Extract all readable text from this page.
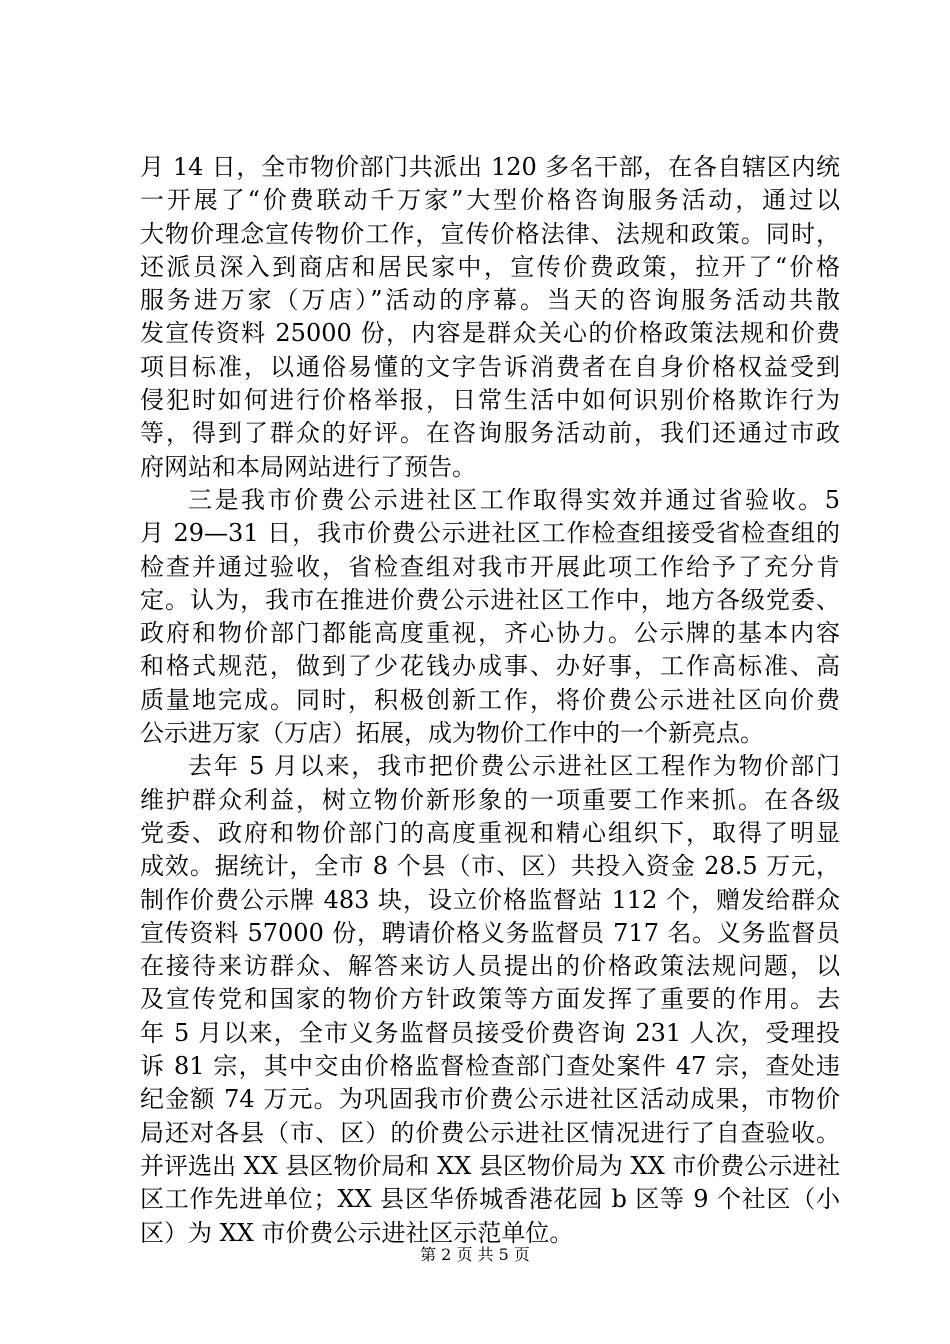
月 14 日，全市物价部门共派出 120 多名干部，在各自辖区内统
一开展了“价费联动千万家”大型价格咨询服务活动，通过以
大物价理念宣传物价工作，宣传价格法律、法规和政策。同时，
还派员深入到商店和居民家中，宣传价费政策，拉开了“价格
服务进万家（万店）”活动的序幕。当天的咨询服务活动共散
发宣传资料 25000 份，内容是群众关心的价格政策法规和价费
项目标准，以通俗易懂的文字告诉消费者在自身价格权益受到
侵犯时如何进行价格举报，日常生活中如何识别价格欺诈行为
等，得到了群众的好评。在咨询服务活动前，我们还通过市政
府网站和本局网站进行了预告。
三是我市价费公示进社区工作取得实效并通过省验收。5
月 29—31 日，我市价费公示进社区工作检查组接受省检查组的
检查并通过验收，省检查组对我市开展此项工作给予了充分肯
定。认为，我市在推进价费公示进社区工作中，地方各级党委、
政府和物价部门都能高度重视，齐心协力。公示牌的基本内容
和格式规范，做到了少花钱办成事、办好事，工作高标准、高
质量地完成。同时，积极创新工作，将价费公示进社区向价费
公示进万家（万店）拓展，成为物价工作中的一个新亮点。
去年 5 月以来，我市把价费公示进社区工程作为物价部门
维护群众利益，树立物价新形象的一项重要工作来抓。在各级
党委、政府和物价部门的高度重视和精心组织下，取得了明显
成效。据统计，全市 8 个县（市、区）共投入资金 28.5 万元，
制作价费公示牌 483 块，设立价格监督站 112 个，赠发给群众
宣传资料 57000 份，聘请价格义务监督员 717 名。义务监督员
在接待来访群众、解答来访人员提出的价格政策法规问题，以
及宣传党和国家的物价方针政策等方面发挥了重要的作用。去
年 5 月以来，全市义务监督员接受价费咨询 231 人次，受理投
诉 81 宗，其中交由价格监督检查部门查处案件 47 宗，查处违
纪金额 74 万元。为巩固我市价费公示进社区活动成果，市物价
局还对各县（市、区）的价费公示进社区情况进行了自查验收。
并评选出 XX 县区物价局和 XX 县区物价局为 XX 市价费公示进社
区工作先进单位；XX 县区华侨城香港花园 b 区等 9 个社区（小
区）为 XX 市价费公示进社区示范单位。
第 2 页 共 5 页
